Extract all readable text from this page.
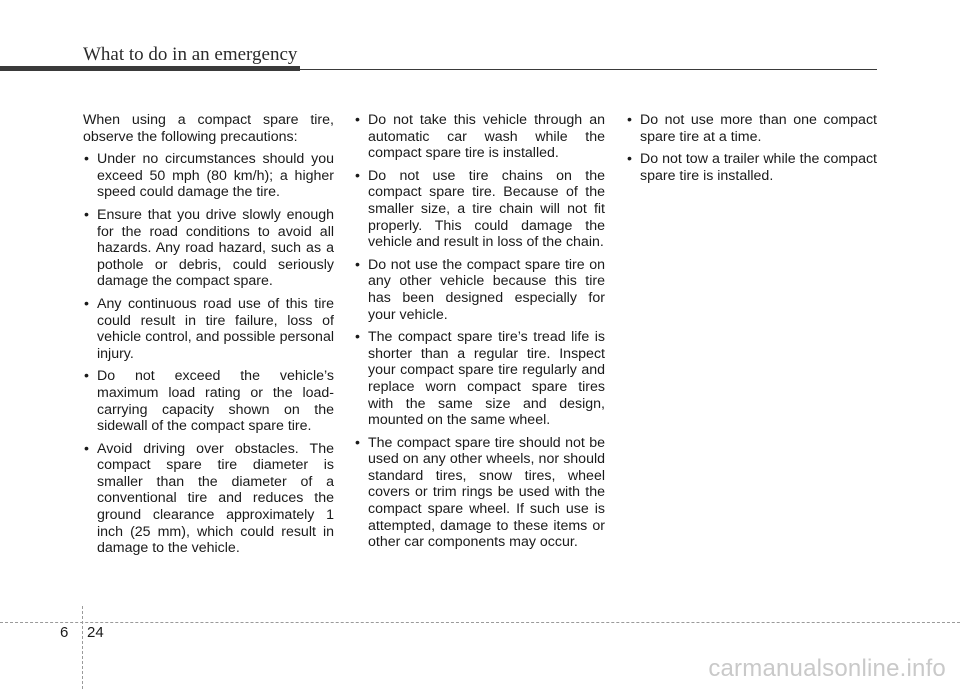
What to do in an emergency

When using a compact spare tire, observe the following precautions:

• Under no circumstances should you exceed 50 mph (80 km/h); a higher speed could damage the tire.
• Ensure that you drive slowly enough for the road conditions to avoid all hazards. Any road hazard, such as a pothole or debris, could seriously damage the compact spare.
• Any continuous road use of this tire could result in tire failure, loss of vehicle control, and possible personal injury.
• Do not exceed the vehicle’s maximum load rating or the load-carrying capacity shown on the sidewall of the compact spare tire.
• Avoid driving over obstacles. The compact spare tire diameter is smaller than the diameter of a conventional tire and reduces the ground clearance approximately 1 inch (25 mm), which could result in damage to the vehicle.
• Do not take this vehicle through an automatic car wash while the compact spare tire is installed.
• Do not use tire chains on the compact spare tire. Because of the smaller size, a tire chain will not fit properly. This could damage the vehicle and result in loss of the chain.
• Do not use the compact spare tire on any other vehicle because this tire has been designed especially for your vehicle.
• The compact spare tire’s tread life is shorter than a regular tire. Inspect your compact spare tire regularly and replace worn compact spare tires with the same size and design, mounted on the same wheel.
• The compact spare tire should not be used on any other wheels, nor should standard tires, snow tires, wheel covers or trim rings be used with the compact spare wheel. If such use is attempted, damage to these items or other car components may occur.
• Do not use more than one compact spare tire at a time.
• Do not tow a trailer while the compact spare tire is installed.
6 24
carmanualsonline.info
